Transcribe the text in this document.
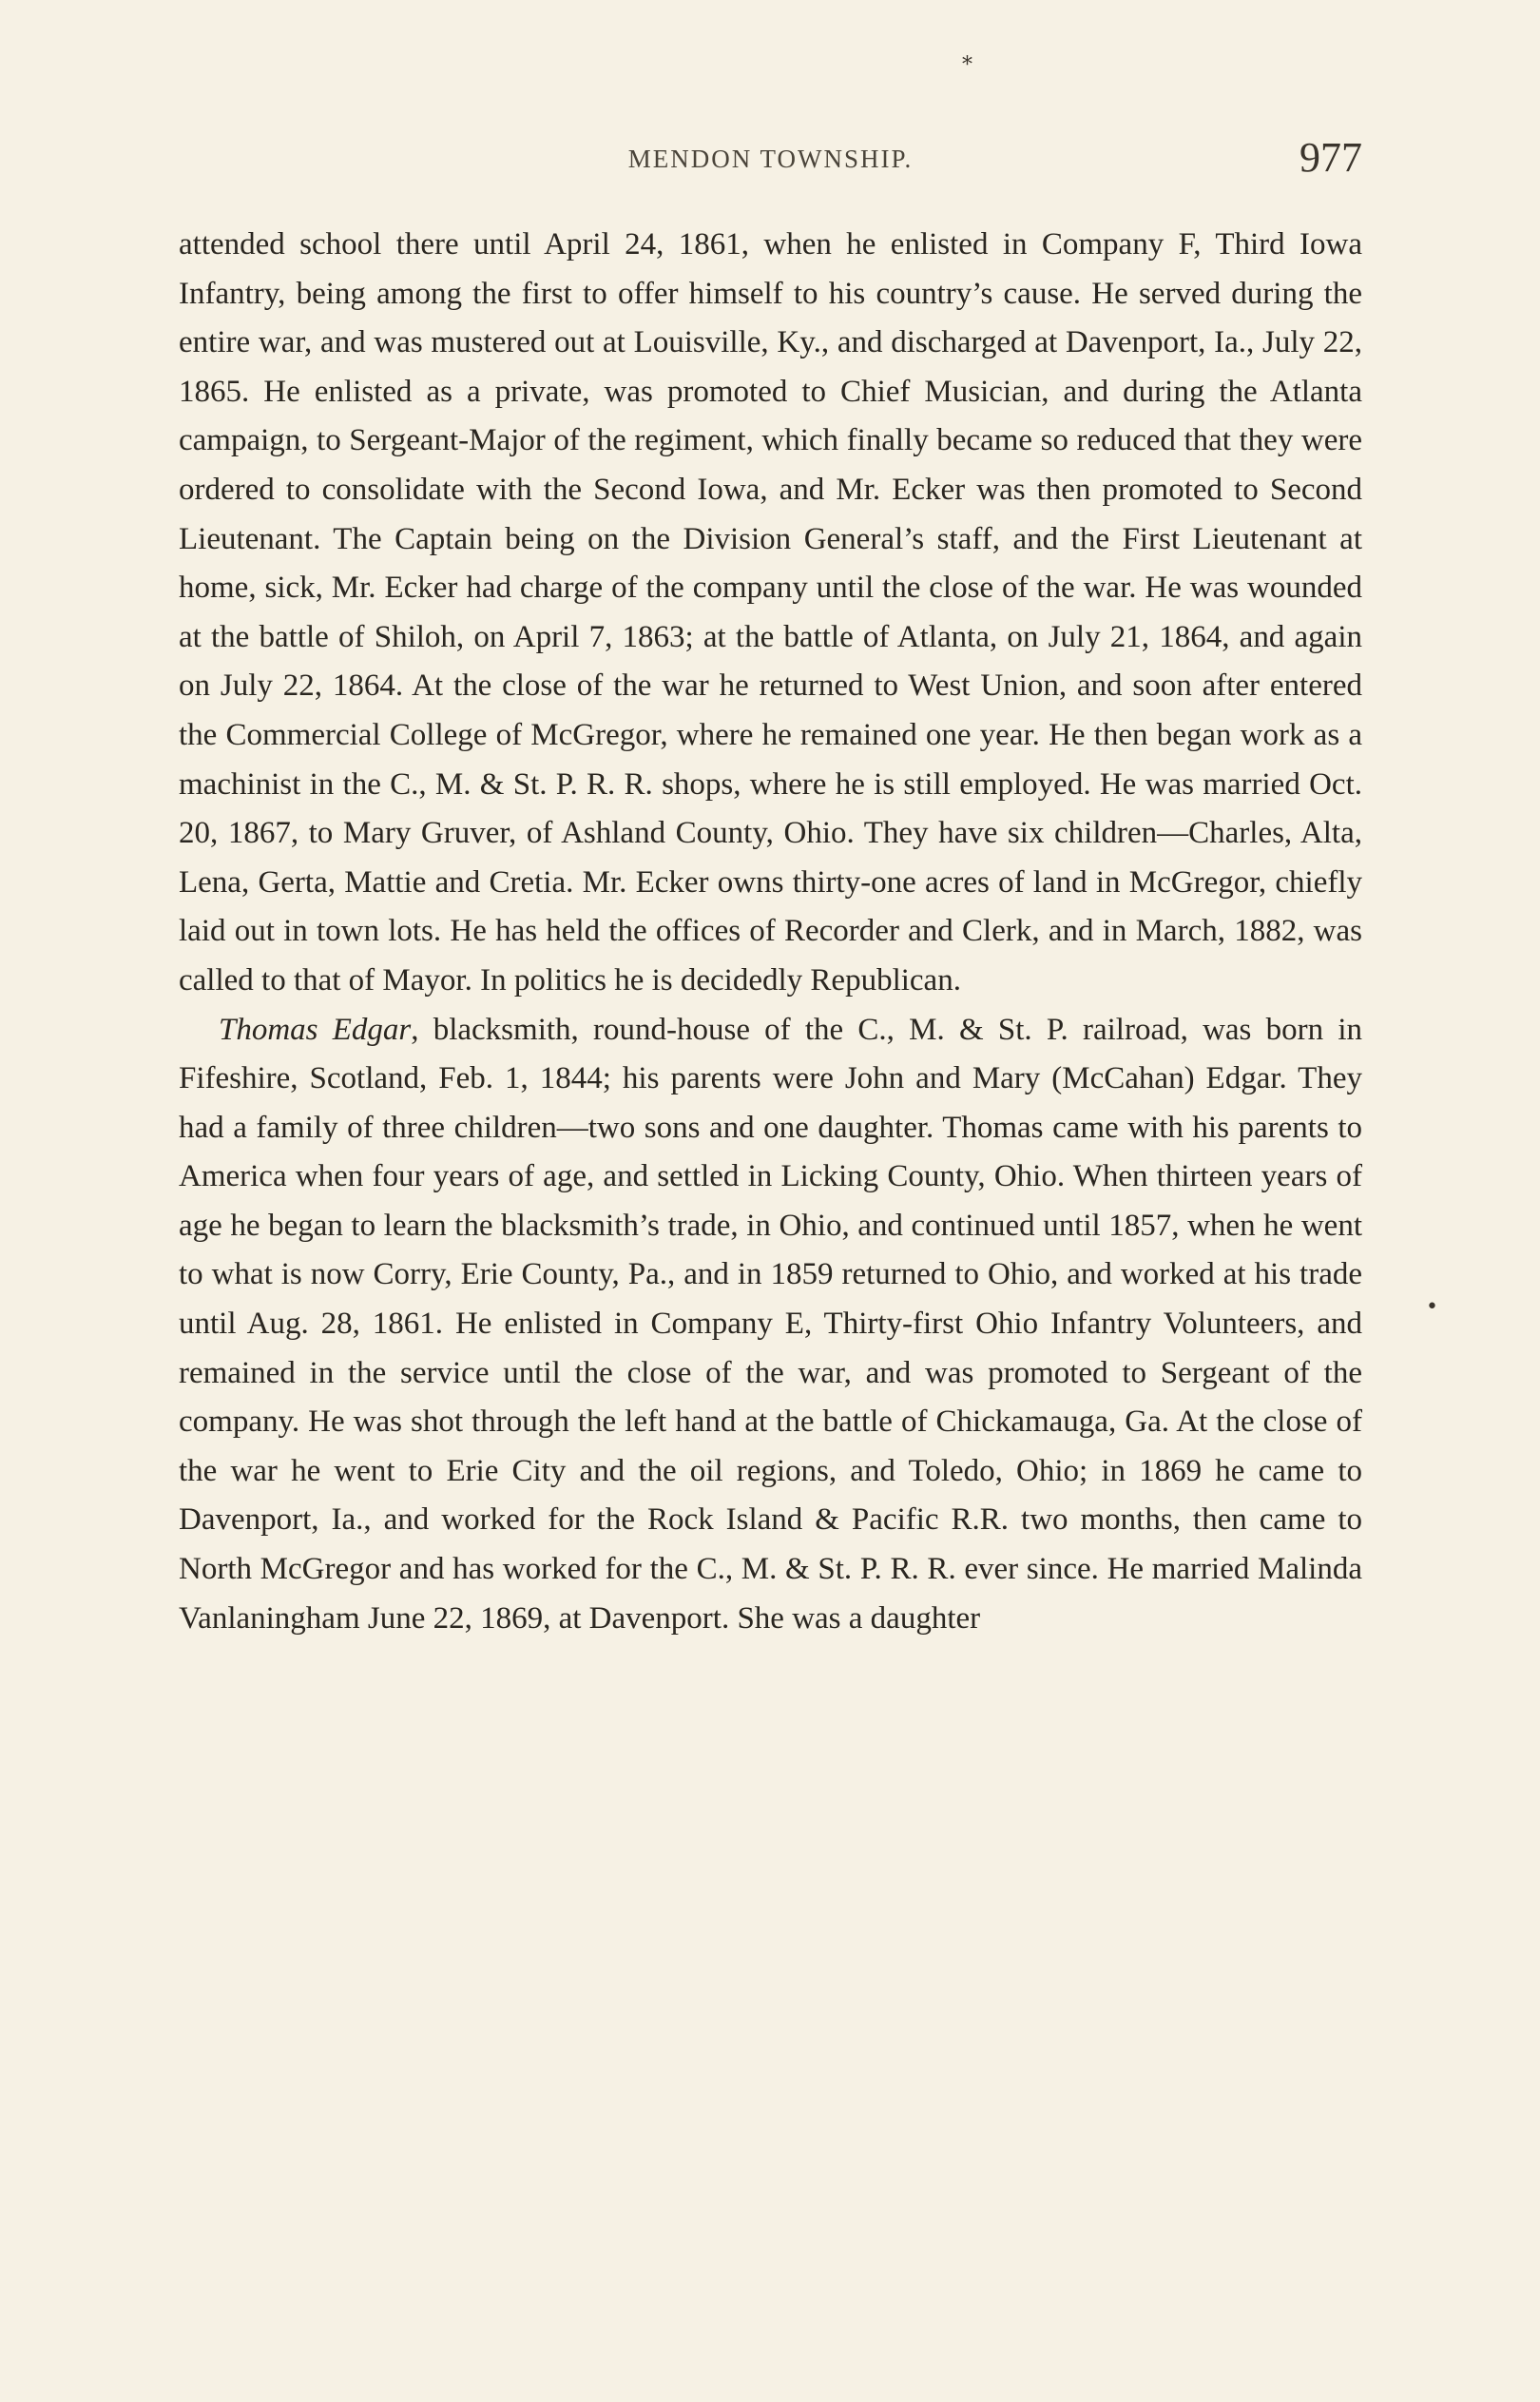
*
MENDON TOWNSHIP.	977

attended school there until April 24, 1861, when he enlisted in Company F, Third Iowa Infantry, being among the first to offer himself to his country’s cause. He served during the entire war, and was mustered out at Louisville, Ky., and discharged at Davenport, Ia., July 22, 1865. He enlisted as a private, was promoted to Chief Musician, and during the Atlanta campaign, to Sergeant-Major of the regiment, which finally became so reduced that they were ordered to consolidate with the Second Iowa, and Mr. Ecker was then promoted to Second Lieutenant. The Captain being on the Division General’s staff, and the First Lieutenant at home, sick, Mr. Ecker had charge of the company until the close of the war. He was wounded at the battle of Shiloh, on April 7, 1863; at the battle of Atlanta, on July 21, 1864, and again on July 22, 1864. At the close of the war he returned to West Union, and soon after entered the Commercial College of McGregor, where he remained one year. He then began work as a machinist in the C., M. & St. P. R. R. shops, where he is still employed. He was married Oct. 20, 1867, to Mary Gruver, of Ashland County, Ohio. They have six children—Charles, Alta, Lena, Gerta, Mattie and Cretia. Mr. Ecker owns thirty-one acres of land in McGregor, chiefly laid out in town lots. He has held the offices of Recorder and Clerk, and in March, 1882, was called to that of Mayor. In politics he is decidedly Republican.

Thomas Edgar, blacksmith, round-house of the C., M. & St. P. railroad, was born in Fifeshire, Scotland, Feb. 1, 1844; his parents were John and Mary (McCahan) Edgar. They had a family of three children—two sons and one daughter. Thomas came with his parents to America when four years of age, and settled in Licking County, Ohio. When thirteen years of age he began to learn the blacksmith’s trade, in Ohio, and continued until 1857, when he went to what is now Corry, Erie County, Pa., and in 1859 returned to Ohio, and worked at his trade until Aug. 28, 1861. He enlisted in Company E, Thirty-first Ohio Infantry Volunteers, and remained in the service until the close of the war, and was promoted to Sergeant of the company. He was shot through the left hand at the battle of Chickamauga, Ga. At the close of the war he went to Erie City and the oil regions, and Toledo, Ohio; in 1869 he came to Davenport, Ia., and worked for the Rock Island & Pacific R.R. two months, then came to North McGregor and has worked for the C., M. & St. P. R. R. ever since. He married Malinda Vanlaningham June 22, 1869, at Davenport. She was a daughter

•
